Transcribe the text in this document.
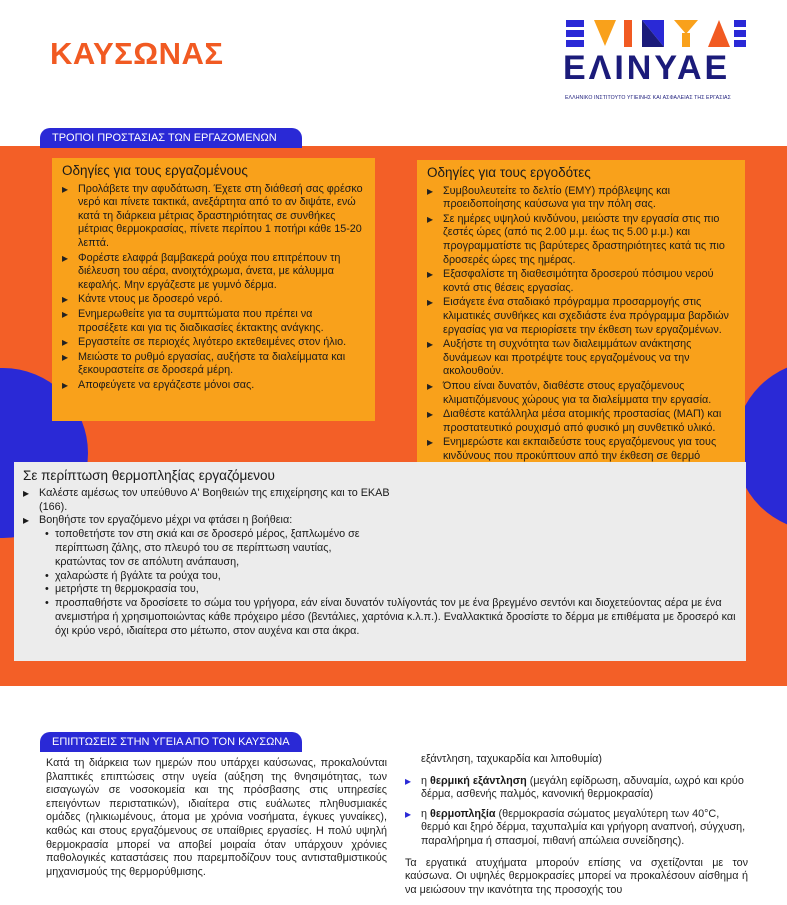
ΚΑΥΣΩΝΑΣ	ΕΛΙΝΥΑΕ
ΕΛΛΗΝΙΚΟ ΙΝΣΤΙΤΟΥΤΟ ΥΓΙΕΙΝΗΣ ΚΑΙ ΑΣΦΑΛΕΙΑΣ ΤΗΣ ΕΡΓΑΣΙΑΣ
ΤΡΟΠΟΙ ΠΡΟΣΤΑΣΙΑΣ ΤΩΝ ΕΡΓΑΖΟΜΕΝΩΝ
Οδηγίες για τους εργαζομένους
▸ Προλάβετε την αφυδάτωση. Έχετε στη διάθεσή σας φρέσκο νερό και πίνετε τακτικά, ανεξάρτητα από το αν διψάτε, ενώ κατά τη διάρκεια μέτριας δραστηριότητας σε συνθήκες μέτριας θερμοκρασίας, πίνετε περίπου 1 ποτήρι κάθε 15-20 λεπτά.
▸ Φορέστε ελαφρά βαμβακερά ρούχα που επιτρέπουν τη διέλευση του αέρα, ανοιχτόχρωμα, άνετα, με κάλυμμα κεφαλής. Μην εργάζεστε με γυμνό δέρμα.
▸ Κάντε ντους με δροσερό νερό.
▸ Ενημερωθείτε για τα συμπτώματα που πρέπει να προσέξετε και για τις διαδικασίες έκτακτης ανάγκης.
▸ Εργαστείτε σε περιοχές λιγότερο εκτεθειμένες στον ήλιο.
▸ Μειώστε το ρυθμό εργασίας, αυξήστε τα διαλείμματα και ξεκουραστείτε σε δροσερά μέρη.
▸ Αποφεύγετε να εργάζεστε μόνοι σας.
Οδηγίες για τους εργοδότες
▸ Συμβουλευτείτε το δελτίο (ΕΜΥ) πρόβλεψης και προειδοποίησης καύσωνα για την πόλη σας.
▸ Σε ημέρες υψηλού κινδύνου, μειώστε την εργασία στις πιο ζεστές ώρες (από τις 2.00 μ.μ. έως τις 5.00 μ.μ.) και προγραμματίστε τις βαρύτερες δραστηριότητες κατά τις πιο δροσερές ώρες της ημέρας.
▸ Εξασφαλίστε τη διαθεσιμότητα δροσερού πόσιμου νερού κοντά στις θέσεις εργασίας.
▸ Εισάγετε ένα σταδιακό πρόγραμμα προσαρμογής στις κλιματικές συνθήκες και σχεδιάστε ένα πρόγραμμα βαρδιών εργασίας για να περιορίσετε την έκθεση των εργαζομένων.
▸ Αυξήστε τη συχνότητα των διαλειμμάτων ανάκτησης δυνάμεων και προτρέψτε τους εργαζομένους να την ακολουθούν.
▸ Όπου είναι δυνατόν, διαθέστε στους εργαζόμενους κλιματιζόμενους χώρους για τα διαλείμματα την εργασία.
▸ Διαθέστε κατάλληλα μέσα ατομικής προστασίας (ΜΑΠ) και προστατευτικό ρουχισμό από φυσικό μη συνθετικό υλικό.
▸ Ενημερώστε και εκπαιδεύστε τους εργαζόμενους για τους κινδύνους που προκύπτουν από την έκθεση σε θερμό
Σε περίπτωση θερμοπληξίας εργαζόμενου
▸ Καλέστε αμέσως τον υπεύθυνο Α' Βοηθειών της επιχείρησης και το ΕΚΑΒ (166).
▸ Βοηθήστε τον εργαζόμενο μέχρι να φτάσει η βοήθεια:
• τοποθετήστε τον στη σκιά και σε δροσερό μέρος, ξαπλωμένο σε περίπτωση ζάλης, στο πλευρό του σε περίπτωση ναυτίας, κρατώντας τον σε απόλυτη ανάπαυση,
• χαλαρώστε ή βγάλτε τα ρούχα του,
• μετρήστε τη θερμοκρασία του,
• προσπαθήστε να δροσίσετε το σώμα του γρήγορα, εάν είναι δυνατόν τυλίγοντάς τον με ένα βρεγμένο σεντόνι και διοχετεύοντας αέρα με ένα ανεμιστήρα ή χρησιμοποιώντας κάθε πρόχειρο μέσο (βεντάλιες, χαρτόνια κ.λ.π.). Εναλλακτικά δροσίστε το δέρμα με επιθέματα με δροσερό και όχι κρύο νερό, ιδιαίτερα στο μέτωπο, στον αυχένα και στα άκρα.
ΕΠΙΠΤΩΣΕΙΣ ΣΤΗΝ ΥΓΕΙΑ ΑΠΟ ΤΟΝ ΚΑΥΣΩΝΑ
Κατά τη διάρκεια των ημερών που υπάρχει καύσωνας, προκαλούνται βλαπτικές επιπτώσεις στην υγεία (αύξηση της θνησιμότητας, των εισαγωγών σε νοσοκομεία και της πρόσβασης στις υπηρεσίες επειγόντων περιστατικών), ιδιαίτερα στις ευάλωτες πληθυσμιακές ομάδες (ηλικιωμένους, άτομα με χρόνια νοσήματα, έγκυες γυναίκες), καθώς και στους εργαζόμενους σε υπαίθριες εργασίες. Η πολύ υψηλή θερμοκρασία μπορεί να αποβεί μοιραία όταν υπάρχουν χρόνιες παθολογικές καταστάσεις που παρεμποδίζουν τους αντισταθμιστικούς μηχανισμούς της θερμορύθμισης.
εξάντληση, ταχυκαρδία και λιποθυμία)
▸ η θερμική εξάντληση (μεγάλη εφίδρωση, αδυναμία, ωχρό και κρύο δέρμα, ασθενής παλμός, κανονική θερμοκρασία)
▸ η θερμοπληξία (θερμοκρασία σώματος μεγαλύτερη των 40°C, θερμό και ξηρό δέρμα, ταχυπαλμία και γρήγορη αναπνοή, σύγχυση, παραλήρημα ή σπασμοί, πιθανή απώλεια συνείδησης).
Τα εργατικά ατυχήματα μπορούν επίσης να σχετίζονται με τον καύσωνα. Οι υψηλές θερμοκρασίες μπορεί να προκαλέσουν αίσθημα ή να μειώσουν την ικανότητα της προσοχής του
